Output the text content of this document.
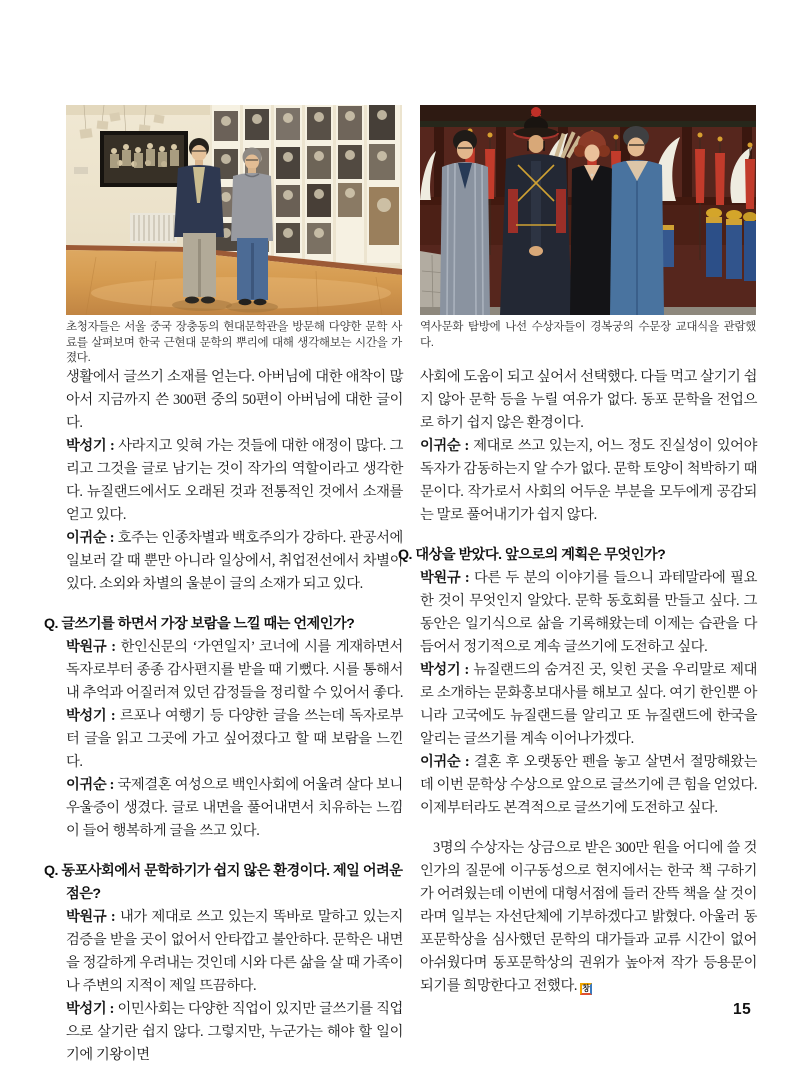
초청자들은 서울 중국 장충동의 현대문학관을 방문해 다양한 문학 사료를 살펴보며 한국 근현대 문학의 뿌리에 대해 생각해보는 시간을 가졌다.
역사문화 탐방에 나선 수상자들이 경복궁의 수문장 교대식을 관람했다.

생활에서 글쓰기 소재를 얻는다. 아버님에 대한 애착이 많아서 지금까지 쓴 300편 중의 50편이 아버님에 대한 글이다.

박성기 : 사라지고 잊혀 가는 것들에 대한 애정이 많다. 그리고 그것을 글로 남기는 것이 작가의 역할이라고 생각한다. 뉴질랜드에서도 오래된 것과 전통적인 것에서 소재를 얻고 있다.

이귀순 : 호주는 인종차별과 백호주의가 강하다. 관공서에 일보러 갈 때 뿐만 아니라 일상에서, 취업전선에서 차별이 있다. 소외와 차별의 울분이 글의 소재가 되고 있다.

Q. 글쓰기를 하면서 가장 보람을 느낄 때는 언제인가?

박원규 : 한인신문의 ‘가연일지’ 코너에 시를 게재하면서 독자로부터 종종 감사편지를 받을 때 기뻤다. 시를 통해서 내 추억과 어질러져 있던 감정들을 정리할 수 있어서 좋다.

박성기 : 르포나 여행기 등 다양한 글을 쓰는데 독자로부터 글을 읽고 그곳에 가고 싶어졌다고 할 때 보람을 느낀다.

이귀순 : 국제결혼 여성으로 백인사회에 어울려 살다 보니 우울증이 생겼다. 글로 내면을 풀어내면서 치유하는 느낌이 들어 행복하게 글을 쓰고 있다.

Q. 동포사회에서 문학하기가 쉽지 않은 환경이다. 제일 어려운 점은?

박원규 : 내가 제대로 쓰고 있는지 똑바로 말하고 있는지 검증을 받을 곳이 없어서 안타깝고 불안하다. 문학은 내면을 정갈하게 우려내는 것인데 시와 다른 삶을 살 때 가족이나 주변의 지적이 제일 뜨끔하다.

박성기 : 이민사회는 다양한 직업이 있지만 글쓰기를 직업으로 살기란 쉽지 않다. 그렇지만, 누군가는 해야 할 일이기에 기왕이면

사회에 도움이 되고 싶어서 선택했다. 다들 먹고 살기기 쉽지 않아 문학 등을 누릴 여유가 없다. 동포 문학을 전업으로 하기 쉽지 않은 환경이다.

이귀순 : 제대로 쓰고 있는지, 어느 정도 진실성이 있어야 독자가 감동하는지 알 수가 없다. 문학 토양이 척박하기 때문이다. 작가로서 사회의 어두운 부분을 모두에게 공감되는 말로 풀어내기가 쉽지 않다.

Q. 대상을 받았다. 앞으로의 계획은 무엇인가?

박원규 : 다른 두 분의 이야기를 들으니 과테말라에 필요한 것이 무엇인지 알았다. 문학 동호회를 만들고 싶다. 그동안은 일기식으로 삶을 기록해왔는데 이제는 습관을 다듬어서 정기적으로 계속 글쓰기에 도전하고 싶다.

박성기 : 뉴질랜드의 숨겨진 곳, 잊힌 곳을 우리말로 제대로 소개하는 문화홍보대사를 해보고 싶다. 여기 한인뿐 아니라 고국에도 뉴질랜드를 알리고 또 뉴질랜드에 한국을 알리는 글쓰기를 계속 이어나가겠다.

이귀순 : 결혼 후 오랫동안 펜을 놓고 살면서 절망해왔는데 이번 문학상 수상으로 앞으로 글쓰기에 큰 힘을 얻었다. 이제부터라도 본격적으로 글쓰기에 도전하고 싶다.

3명의 수상자는 상금으로 받은 300만 원을 어디에 쓸 것인가의 질문에 이구동성으로 현지에서는 한국 책 구하기가 어려웠는데 이번에 대형서점에 들러 잔뜩 책을 살 것이라며 일부는 자선단체에 기부하겠다고 밝혔다. 아울러 동포문학상을 심사했던 문학의 대가들과 교류 시간이 없어 아쉬웠다며 동포문학상의 권위가 높아져 작가 등용문이 되기를 희망한다고 전했다. 창

15
